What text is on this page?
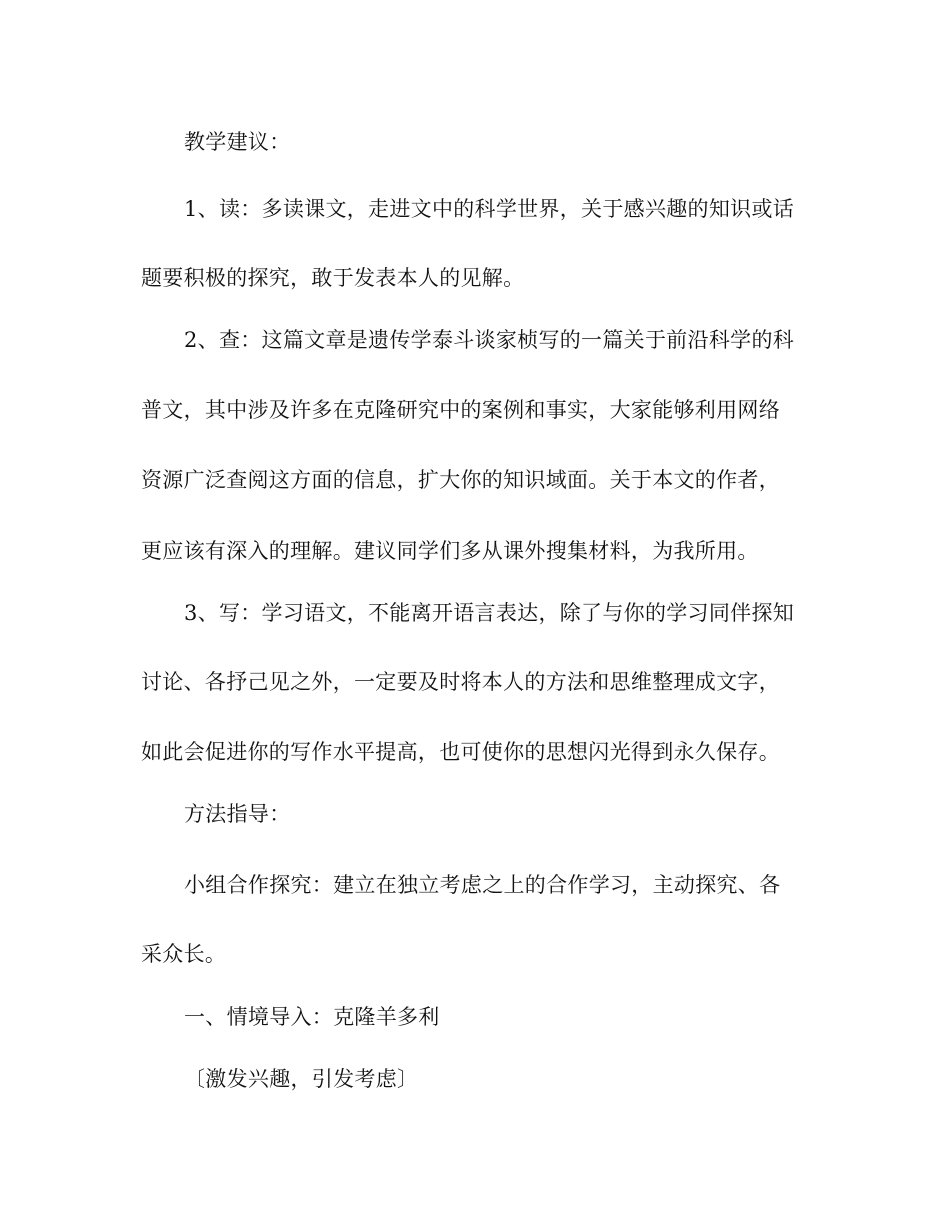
教学建议：
1、读：多读课文，走进文中的科学世界，关于感兴趣的知识或话
题要积极的探究，敢于发表本人的见解。
2、查：这篇文章是遗传学泰斗谈家桢写的一篇关于前沿科学的科
普文，其中涉及许多在克隆研究中的案例和事实，大家能够利用网络
资源广泛查阅这方面的信息，扩大你的知识域面。关于本文的作者，
更应该有深入的理解。建议同学们多从课外搜集材料，为我所用。
3、写：学习语文，不能离开语言表达，除了与你的学习同伴探知
讨论、各抒己见之外，一定要及时将本人的方法和思维整理成文字，
如此会促进你的写作水平提高，也可使你的思想闪光得到永久保存。
方法指导：
小组合作探究：建立在独立考虑之上的合作学习，主动探究、各
采众长。
一、情境导入：克隆羊多利
〔激发兴趣，引发考虑〕
